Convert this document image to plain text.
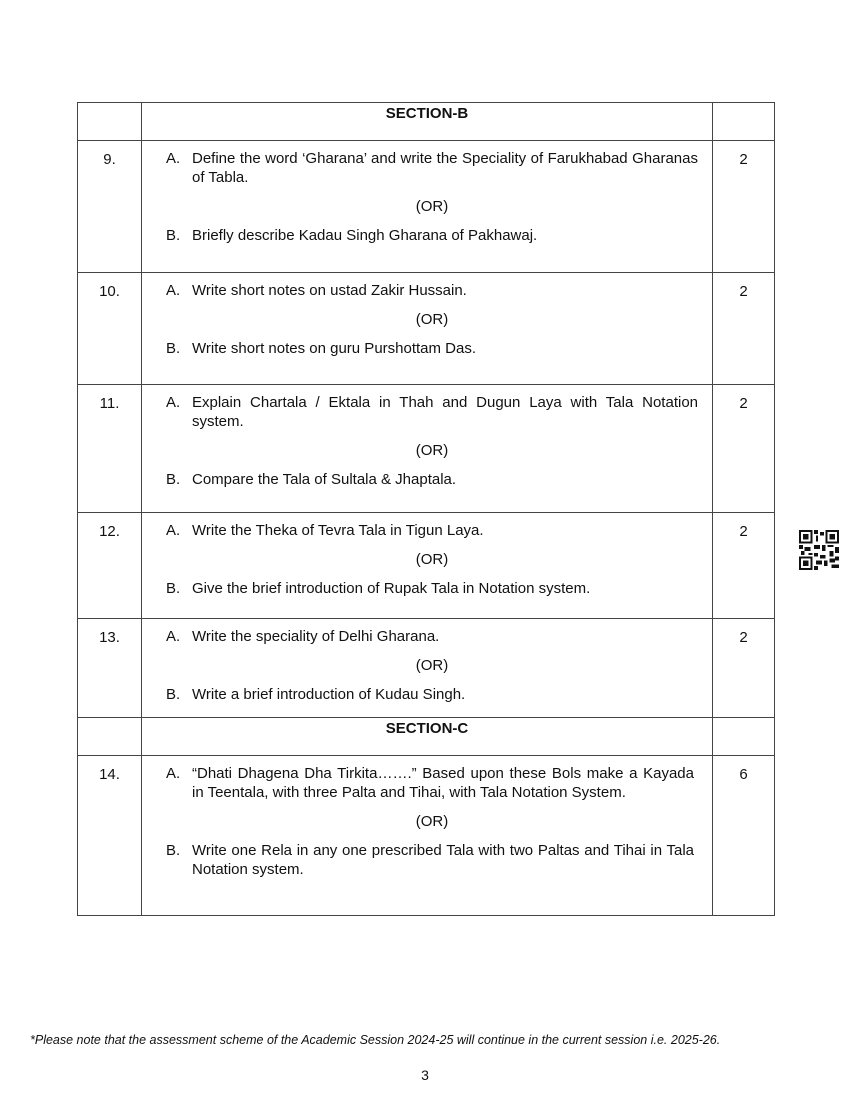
	SECTION-B	
9.	A. Define the word ‘Gharana’ and write the Speciality of Farukhabad Gharanas of Tabla.
(OR)
B. Briefly describe Kadau Singh Gharana of Pakhawaj.	2
10.	A. Write short notes on ustad Zakir Hussain.
(OR)
B. Write short notes on guru Purshottam Das.	2
11.	A. Explain Chartala / Ektala in Thah and Dugun Laya with Tala Notation system.
(OR)
B. Compare the Tala of Sultala & Jhaptala.	2
12.	A. Write the Theka of Tevra Tala in Tigun Laya.
(OR)
B. Give the brief introduction of Rupak Tala in Notation system.	2
13.	A. Write the speciality of Delhi Gharana.
(OR)
B. Write a brief introduction of Kudau Singh.	2
	SECTION-C	
14.	A. “Dhati Dhagena Dha Tirkita…….” Based upon these Bols make a Kayada in Teentala, with three Palta and Tihai, with Tala Notation System.
(OR)
B. Write one Rela in any one prescribed Tala with two Paltas and Tihai in Tala Notation system.	6
*Please note that the assessment scheme of the Academic Session 2024-25 will continue in the current session i.e. 2025-26.
3
